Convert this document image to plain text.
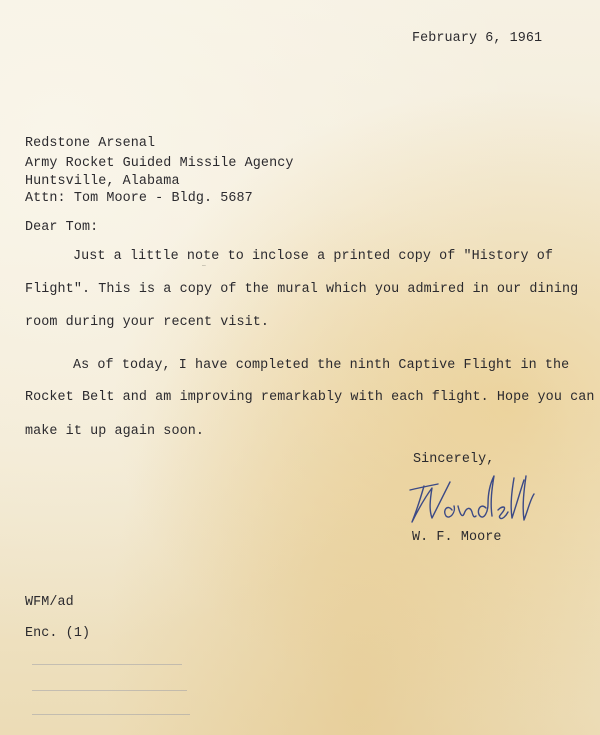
February 6, 1961
Redstone Arsenal
Army Rocket Guided Missile Agency
Huntsville, Alabama
Attn: Tom Moore - Bldg. 5687
Dear Tom:
Just a little note to inclose a printed copy of "History of
Flight". This is a copy of the mural which you admired in our dining
room during your recent visit.
As of today, I have completed the ninth Captive Flight in the
Rocket Belt and am improving remarkably with each flight. Hope you can
make it up again soon.
Sincerely,
Wendell
W. F. Moore
WFM/ad
Enc. (1)
